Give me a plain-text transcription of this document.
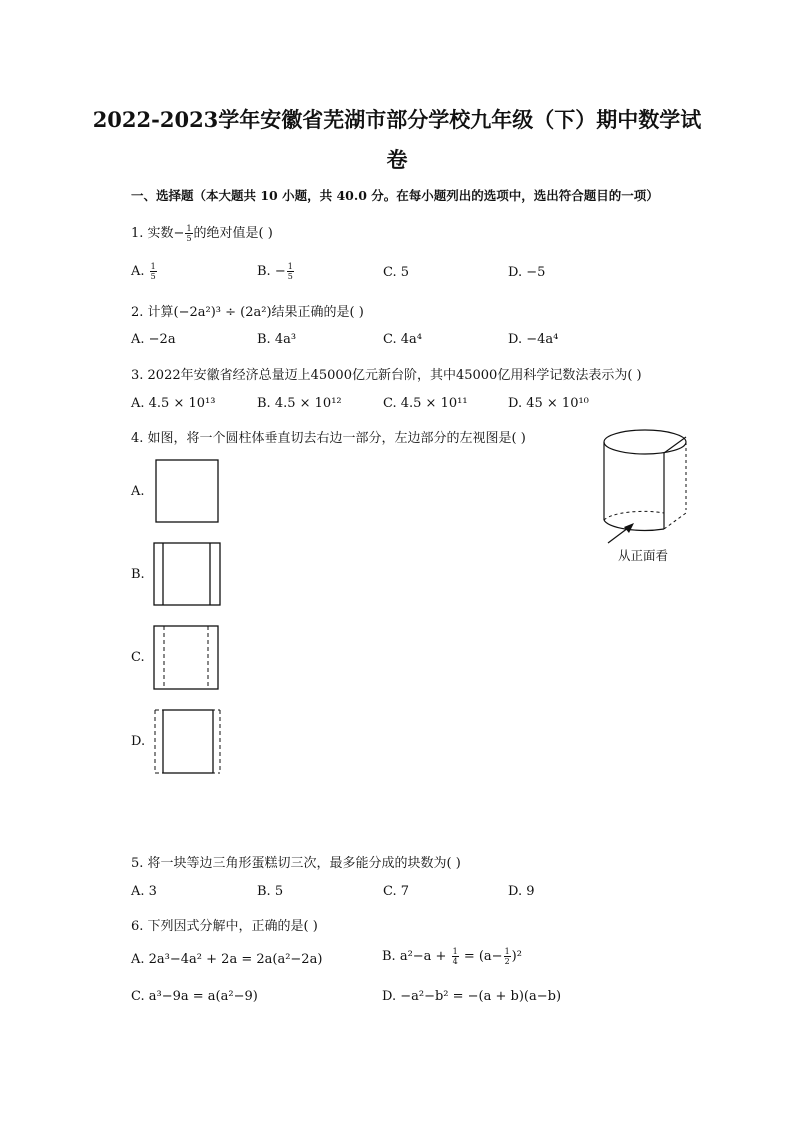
2022-2023学年安徽省芜湖市部分学校九年级（下）期中数学试
卷
一、选择题（本大题共 10 小题，共 40.0 分。在每小题列出的选项中，选出符合题目的一项）
1. 实数− $\frac{1}{5}$ 的绝对值是( )
A. $\frac{1}{5}$	B. − $\frac{1}{5}$	C. 5	D. −5
2. 计算(−2a²)³ ÷ (2a²)结果正确的是( )
A. −2a	B. 4a³	C. 4a⁴	D. −4a⁴
3. 2022年安徽省经济总量迈上45000亿元新台阶，其中45000亿用科学记数法表示为( )
A. 4.5 × 10¹³	B. 4.5 × 10¹²	C. 4.5 × 10¹¹	D. 45 × 10¹⁰
4. 如图，将一个圆柱体垂直切去右边一部分，左边部分的左视图是( )
A.
B.
C.
D.
从正面看
5. 将一块等边三角形蛋糕切三次，最多能分成的块数为( )
A. 3	B. 5	C. 7	D. 9
6. 下列因式分解中，正确的是( )
A. 2a³−4a² + 2a = 2a(a²−2a)	B. $a^2-a + \frac{1}{4} = (a- \frac{1}{2} )^2$
C. a³−9a = a(a²−9)	D. −a²−b² = −(a + b)(a−b)
